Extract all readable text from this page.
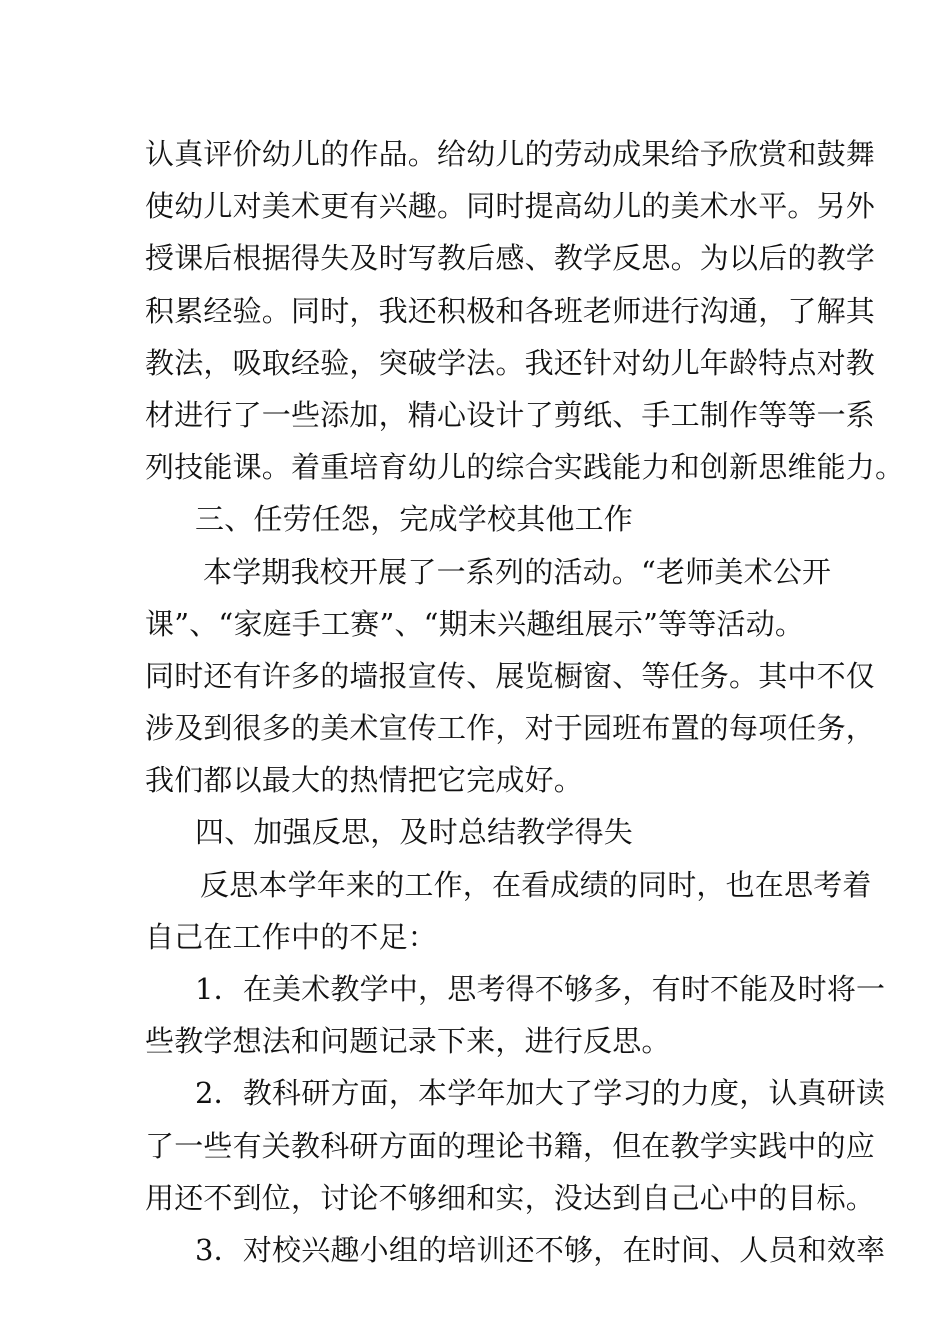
认真评价幼儿的作品。给幼儿的劳动成果给予欣赏和鼓舞
使幼儿对美术更有兴趣。同时提高幼儿的美术水平。另外
授课后根据得失及时写教后感、教学反思。为以后的教学
积累经验。同时，我还积极和各班老师进行沟通，了解其
教法，吸取经验，突破学法。我还针对幼儿年龄特点对教
材进行了一些添加，精心设计了剪纸、手工制作等等一系
列技能课。着重培育幼儿的综合实践能力和创新思维能力。
三、任劳任怨，完成学校其他工作
本学期我校开展了一系列的活动。“老师美术公开
课”、“家庭手工赛”、“期末兴趣组展示”等等活动。
同时还有许多的墙报宣传、展览橱窗、等任务。其中不仅
涉及到很多的美术宣传工作，对于园班布置的每项任务，
我们都以最大的热情把它完成好。
四、加强反思，及时总结教学得失
反思本学年来的工作，在看成绩的同时，也在思考着
自己在工作中的不足：
1．在美术教学中，思考得不够多，有时不能及时将一
些教学想法和问题记录下来，进行反思。
2．教科研方面，本学年加大了学习的力度，认真研读
了一些有关教科研方面的理论书籍，但在教学实践中的应
用还不到位，讨论不够细和实，没达到自己心中的目标。
3．对校兴趣小组的培训还不够，在时间、人员和效率
